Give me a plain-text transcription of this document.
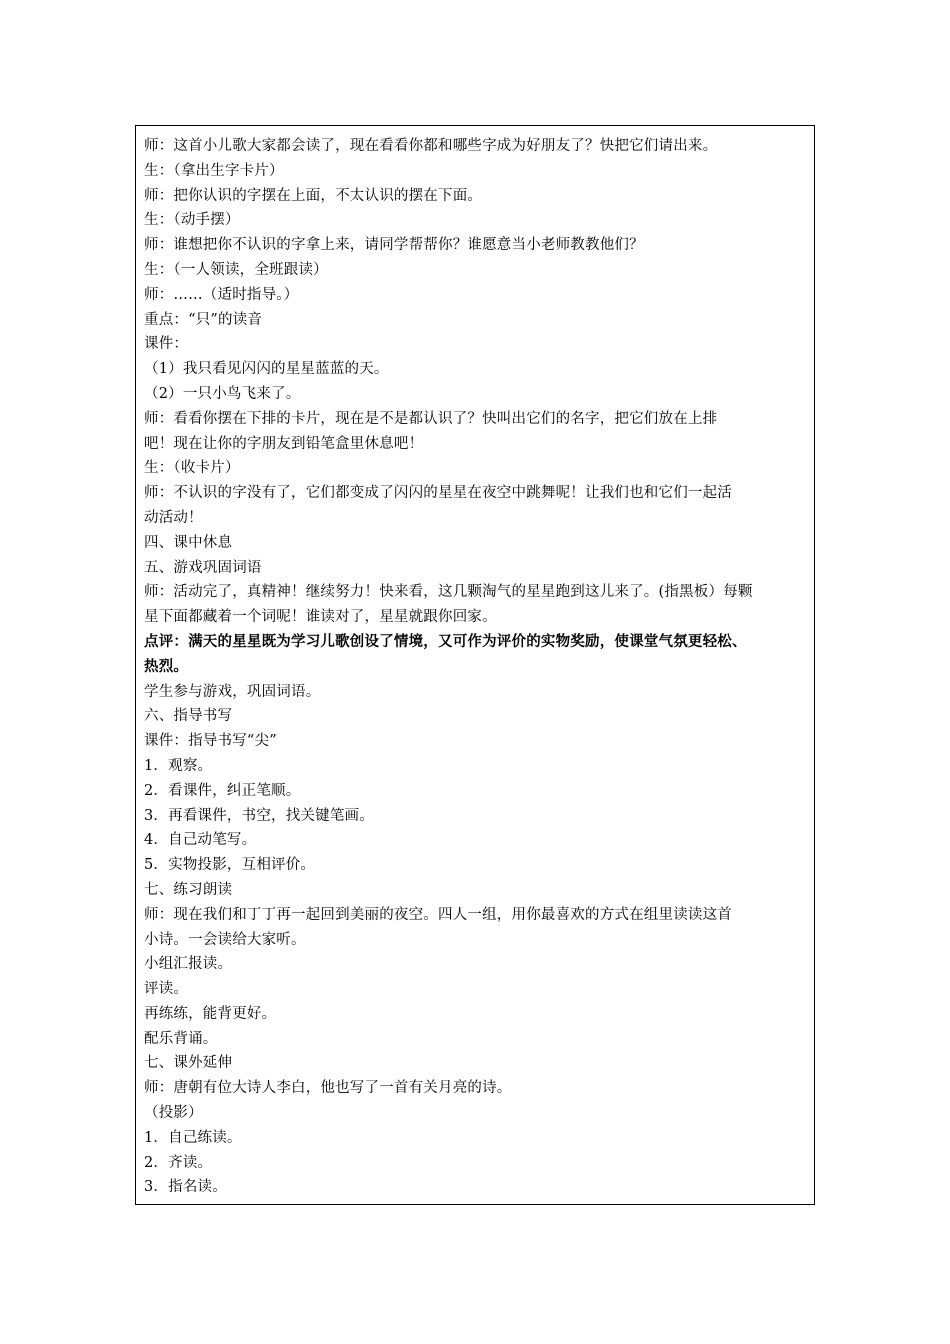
师：这首小儿歌大家都会读了，现在看看你都和哪些字成为好朋友了？快把它们请出来。
生：（拿出生字卡片）
师：把你认识的字摆在上面，不太认识的摆在下面。
生：（动手摆）
师：谁想把你不认识的字拿上来，请同学帮帮你？谁愿意当小老师教教他们？
生：（一人领读，全班跟读）
师：……（适时指导。）
重点：“只”的读音
课件：
（1）我只看见闪闪的星星蓝蓝的天。
（2）一只小鸟飞来了。
师：看看你摆在下排的卡片，现在是不是都认识了？快叫出它们的名字，把它们放在上排
吧！现在让你的字朋友到铅笔盒里休息吧！
生：（收卡片）
师：不认识的字没有了，它们都变成了闪闪的星星在夜空中跳舞呢！让我们也和它们一起活
动活动！
四、课中休息
五、游戏巩固词语
师：活动完了，真精神！继续努力！快来看，这几颗淘气的星星跑到这儿来了。(指黑板）每颗
星下面都藏着一个词呢！谁读对了，星星就跟你回家。
点评：满天的星星既为学习儿歌创设了情境，又可作为评价的实物奖励，使课堂气氛更轻松、
热烈。
学生参与游戏，巩固词语。
六、指导书写
课件：指导书写“尖”
1．观察。
2．看课件，纠正笔顺。
3．再看课件，书空，找关键笔画。
4．自己动笔写。
5．实物投影，互相评价。
七、练习朗读
师：现在我们和丁丁再一起回到美丽的夜空。四人一组，用你最喜欢的方式在组里读读这首
小诗。一会读给大家听。
小组汇报读。
评读。
再练练，能背更好。
配乐背诵。
七、课外延伸
师：唐朝有位大诗人李白，他也写了一首有关月亮的诗。
（投影）
1．自己练读。
2．齐读。
3．指名读。
